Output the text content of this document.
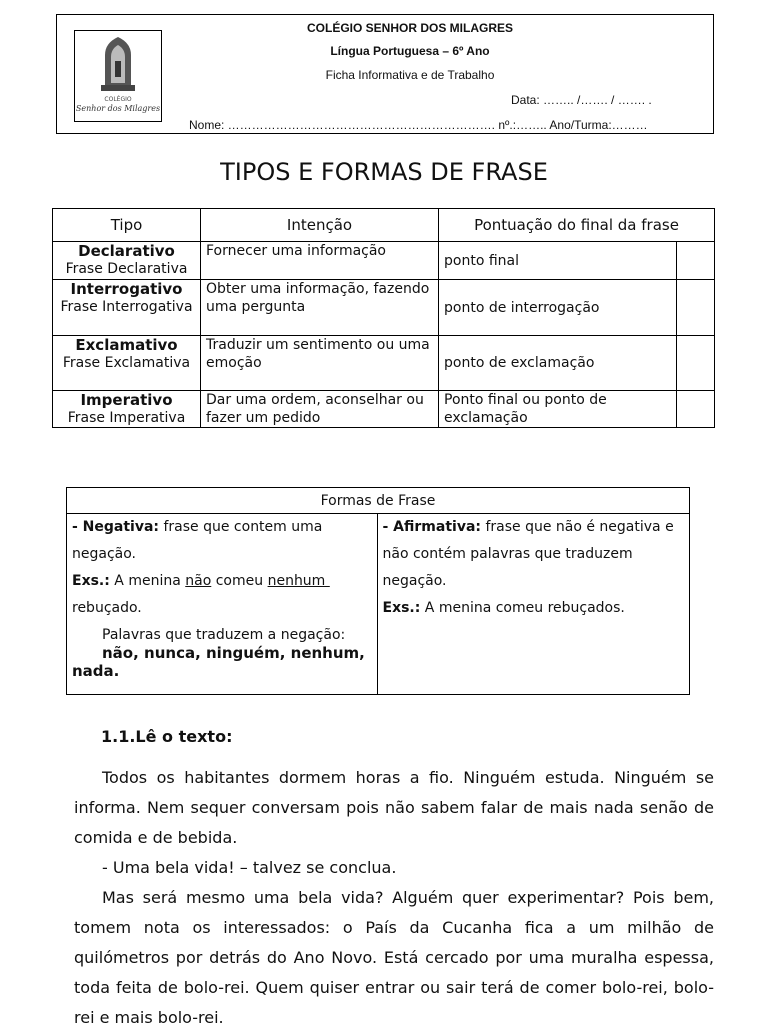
COLÉGIO
Senhor dos Milagres
COLÉGIO SENHOR DOS MILAGRES
Língua Portuguesa – 6º Ano
Ficha Informativa e de Trabalho
Data: …….. /……. / ……. .
Nome: …………………………………………………………. nº.:…….. Ano/Turma:………
TIPOS E FORMAS DE FRASE
Tipo	Intenção	Pontuação do final da frase	

Declarativo
Frase Declarativa	Fornecer uma informação	ponto final	

Interrogativo
Frase Interrogativa	Obter uma informação, fazendo uma pergunta	ponto de interrogação	

Exclamativo
Frase Exclamativa	Traduzir um sentimento ou uma emoção	ponto de exclamação	

Imperativo
Frase Imperativa	Dar uma ordem, aconselhar ou fazer um pedido	Ponto final ou ponto de exclamação	
Formas de Frase

- Negativa: frase que contem uma negação.
Exs.: A menina não comeu nenhum  rebuçado.
Palavras que traduzem a negação:
não, nunca, ninguém, nenhum, nada.

- Afirmativa: frase que não é negativa e não contém palavras que traduzem negação.
Exs.: A menina comeu rebuçados.
1.1.Lê o texto:

Todos os habitantes dormem horas a fio. Ninguém estuda. Ninguém se informa. Nem sequer conversam pois não sabem falar de mais nada senão de comida e de bebida.

- Uma bela vida! – talvez se conclua.

Mas será mesmo uma bela vida? Alguém quer experimentar? Pois bem, tomem nota os interessados: o País da Cucanha fica a um milhão de quilómetros por detrás do Ano Novo. Está cercado por uma muralha espessa, toda feita de bolo-rei. Quem quiser entrar ou sair terá de comer bolo-rei, bolo-rei e mais bolo-rei.
